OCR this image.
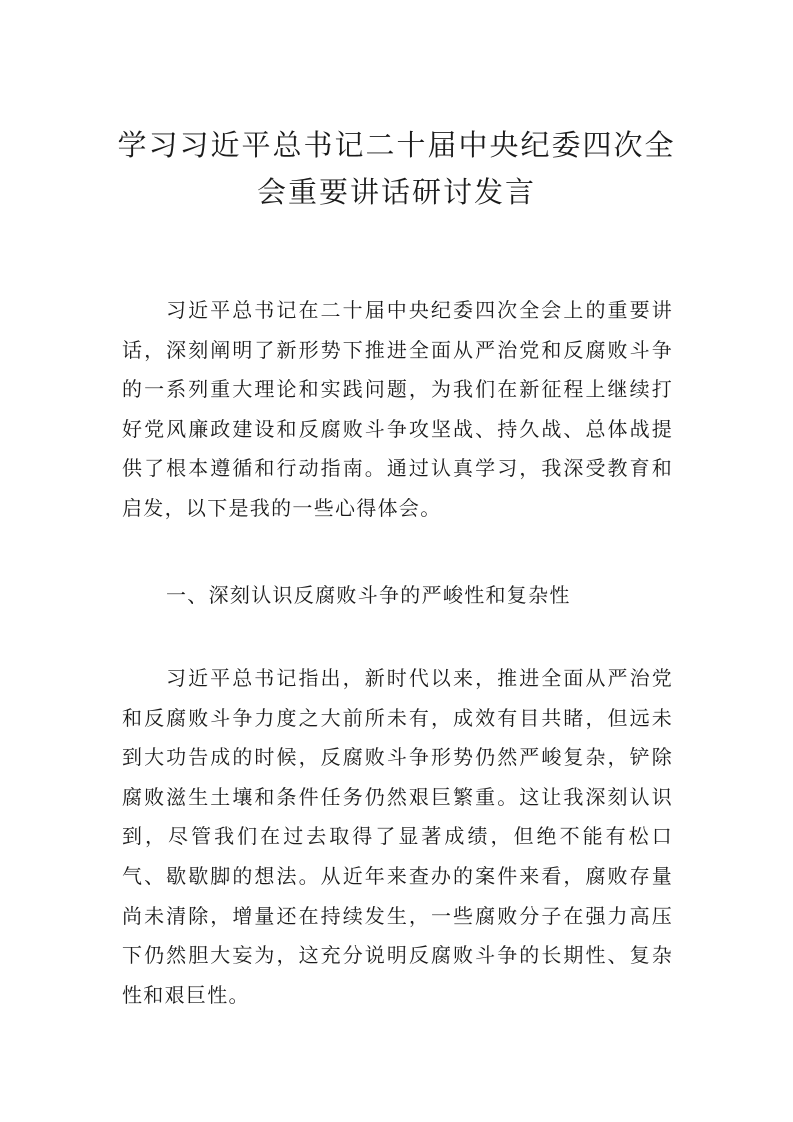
学习习近平总书记二十届中央纪委四次全会重要讲话研讨发言

习近平总书记在二十届中央纪委四次全会上的重要讲话，深刻阐明了新形势下推进全面从严治党和反腐败斗争的一系列重大理论和实践问题，为我们在新征程上继续打好党风廉政建设和反腐败斗争攻坚战、持久战、总体战提供了根本遵循和行动指南。通过认真学习，我深受教育和启发，以下是我的一些心得体会。

一、深刻认识反腐败斗争的严峻性和复杂性

习近平总书记指出，新时代以来，推进全面从严治党和反腐败斗争力度之大前所未有，成效有目共睹，但远未到大功告成的时候，反腐败斗争形势仍然严峻复杂，铲除腐败滋生土壤和条件任务仍然艰巨繁重。这让我深刻认识到，尽管我们在过去取得了显著成绩，但绝不能有松口气、歇歇脚的想法。从近年来查办的案件来看，腐败存量尚未清除，增量还在持续发生，一些腐败分子在强力高压下仍然胆大妄为，这充分说明反腐败斗争的长期性、复杂性和艰巨性。
